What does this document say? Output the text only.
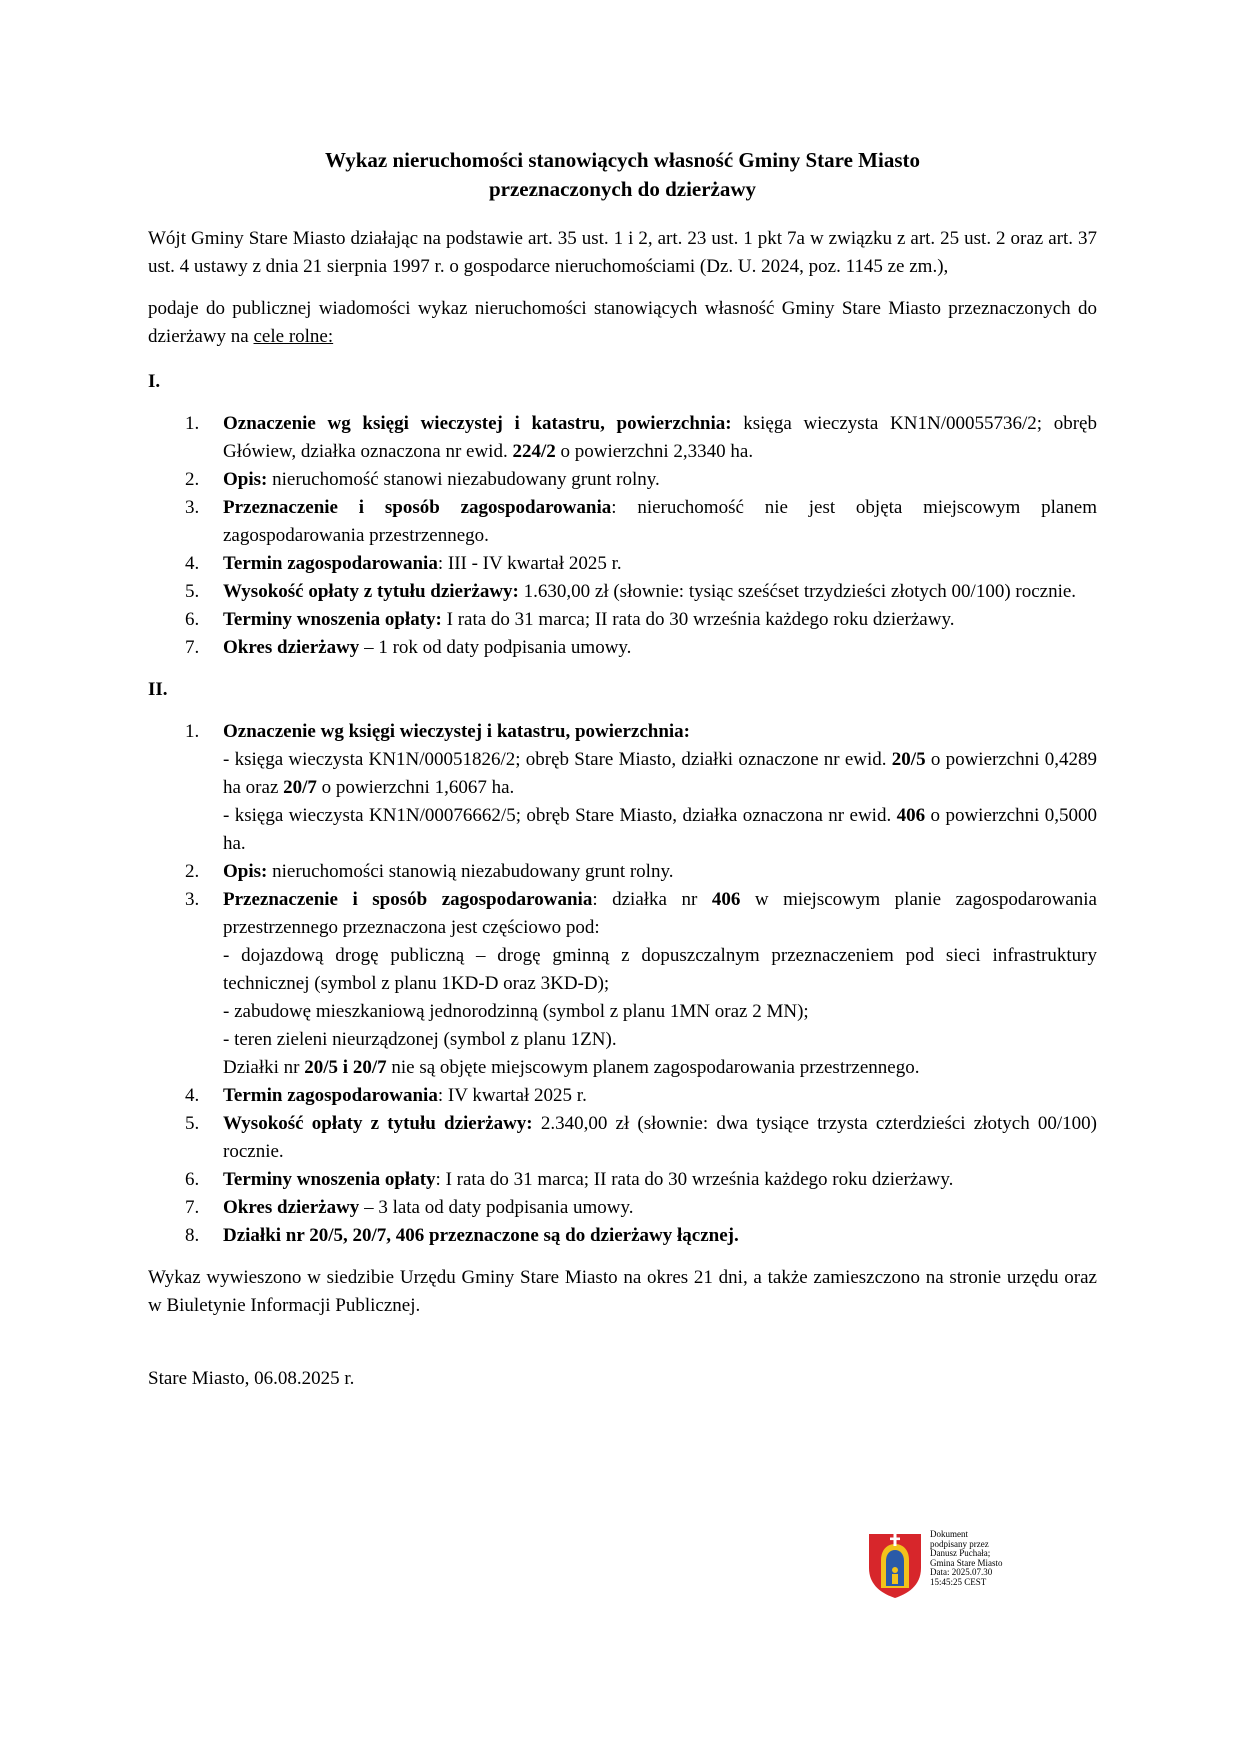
Wykaz nieruchomości stanowiących własność Gminy Stare Miasto
przeznaczonych do dzierżawy

Wójt Gminy Stare Miasto działając na podstawie art. 35 ust. 1 i 2, art. 23 ust. 1 pkt 7a w związku z art. 25 ust. 2 oraz art. 37 ust. 4 ustawy z dnia 21 sierpnia 1997 r. o gospodarce nieruchomościami (Dz. U. 2024, poz. 1145 ze zm.),

podaje do publicznej wiadomości wykaz nieruchomości stanowiących własność Gminy Stare Miasto przeznaczonych do dzierżawy na cele rolne:

I.
1. Oznaczenie wg księgi wieczystej i katastru, powierzchnia: księga wieczysta KN1N/00055736/2; obręb Główiew, działka oznaczona nr ewid. 224/2 o powierzchni 2,3340 ha.
2. Opis: nieruchomość stanowi niezabudowany grunt rolny.
3. Przeznaczenie i sposób zagospodarowania: nieruchomość nie jest objęta miejscowym planem zagospodarowania przestrzennego.
4. Termin zagospodarowania: III - IV kwartał 2025 r.
5. Wysokość opłaty z tytułu dzierżawy: 1.630,00 zł (słownie: tysiąc sześćset trzydzieści złotych 00/100) rocznie.
6. Terminy wnoszenia opłaty: I rata do 31 marca; II rata do 30 września każdego roku dzierżawy.
7. Okres dzierżawy – 1 rok od daty podpisania umowy.
II.
1. Oznaczenie wg księgi wieczystej i katastru, powierzchnia:
- księga wieczysta KN1N/00051826/2; obręb Stare Miasto, działki oznaczone nr ewid. 20/5 o powierzchni 0,4289 ha oraz 20/7 o powierzchni 1,6067 ha.
- księga wieczysta KN1N/00076662/5; obręb Stare Miasto, działka oznaczona nr ewid. 406 o powierzchni 0,5000 ha.
2. Opis: nieruchomości stanowią niezabudowany grunt rolny.
3. Przeznaczenie i sposób zagospodarowania: działka nr 406 w miejscowym planie zagospodarowania przestrzennego przeznaczona jest częściowo pod:
- dojazdową drogę publiczną – drogę gminną z dopuszczalnym przeznaczeniem pod sieci infrastruktury technicznej (symbol z planu 1KD-D oraz 3KD-D);
- zabudowę mieszkaniową jednorodzinną (symbol z planu 1MN oraz 2 MN);
- teren zieleni nieurządzonej (symbol z planu 1ZN).
Działki nr 20/5 i 20/7 nie są objęte miejscowym planem zagospodarowania przestrzennego.
4. Termin zagospodarowania: IV kwartał 2025 r.
5. Wysokość opłaty z tytułu dzierżawy: 2.340,00 zł (słownie: dwa tysiące trzysta czterdzieści złotych 00/100) rocznie.
6. Terminy wnoszenia opłaty: I rata do 31 marca; II rata do 30 września każdego roku dzierżawy.
7. Okres dzierżawy – 3 lata od daty podpisania umowy.
8. Działki nr 20/5, 20/7, 406 przeznaczone są do dzierżawy łącznej.

Wykaz wywieszono w siedzibie Urzędu Gminy Stare Miasto na okres 21 dni, a także zamieszczono na stronie urzędu oraz w Biuletynie Informacji Publicznej.

Stare Miasto, 06.08.2025 r.

Dokument
podpisany przez
Danusz Puchała;
Gmina Stare Miasto
Data: 2025.07.30
15:45:25 CEST
